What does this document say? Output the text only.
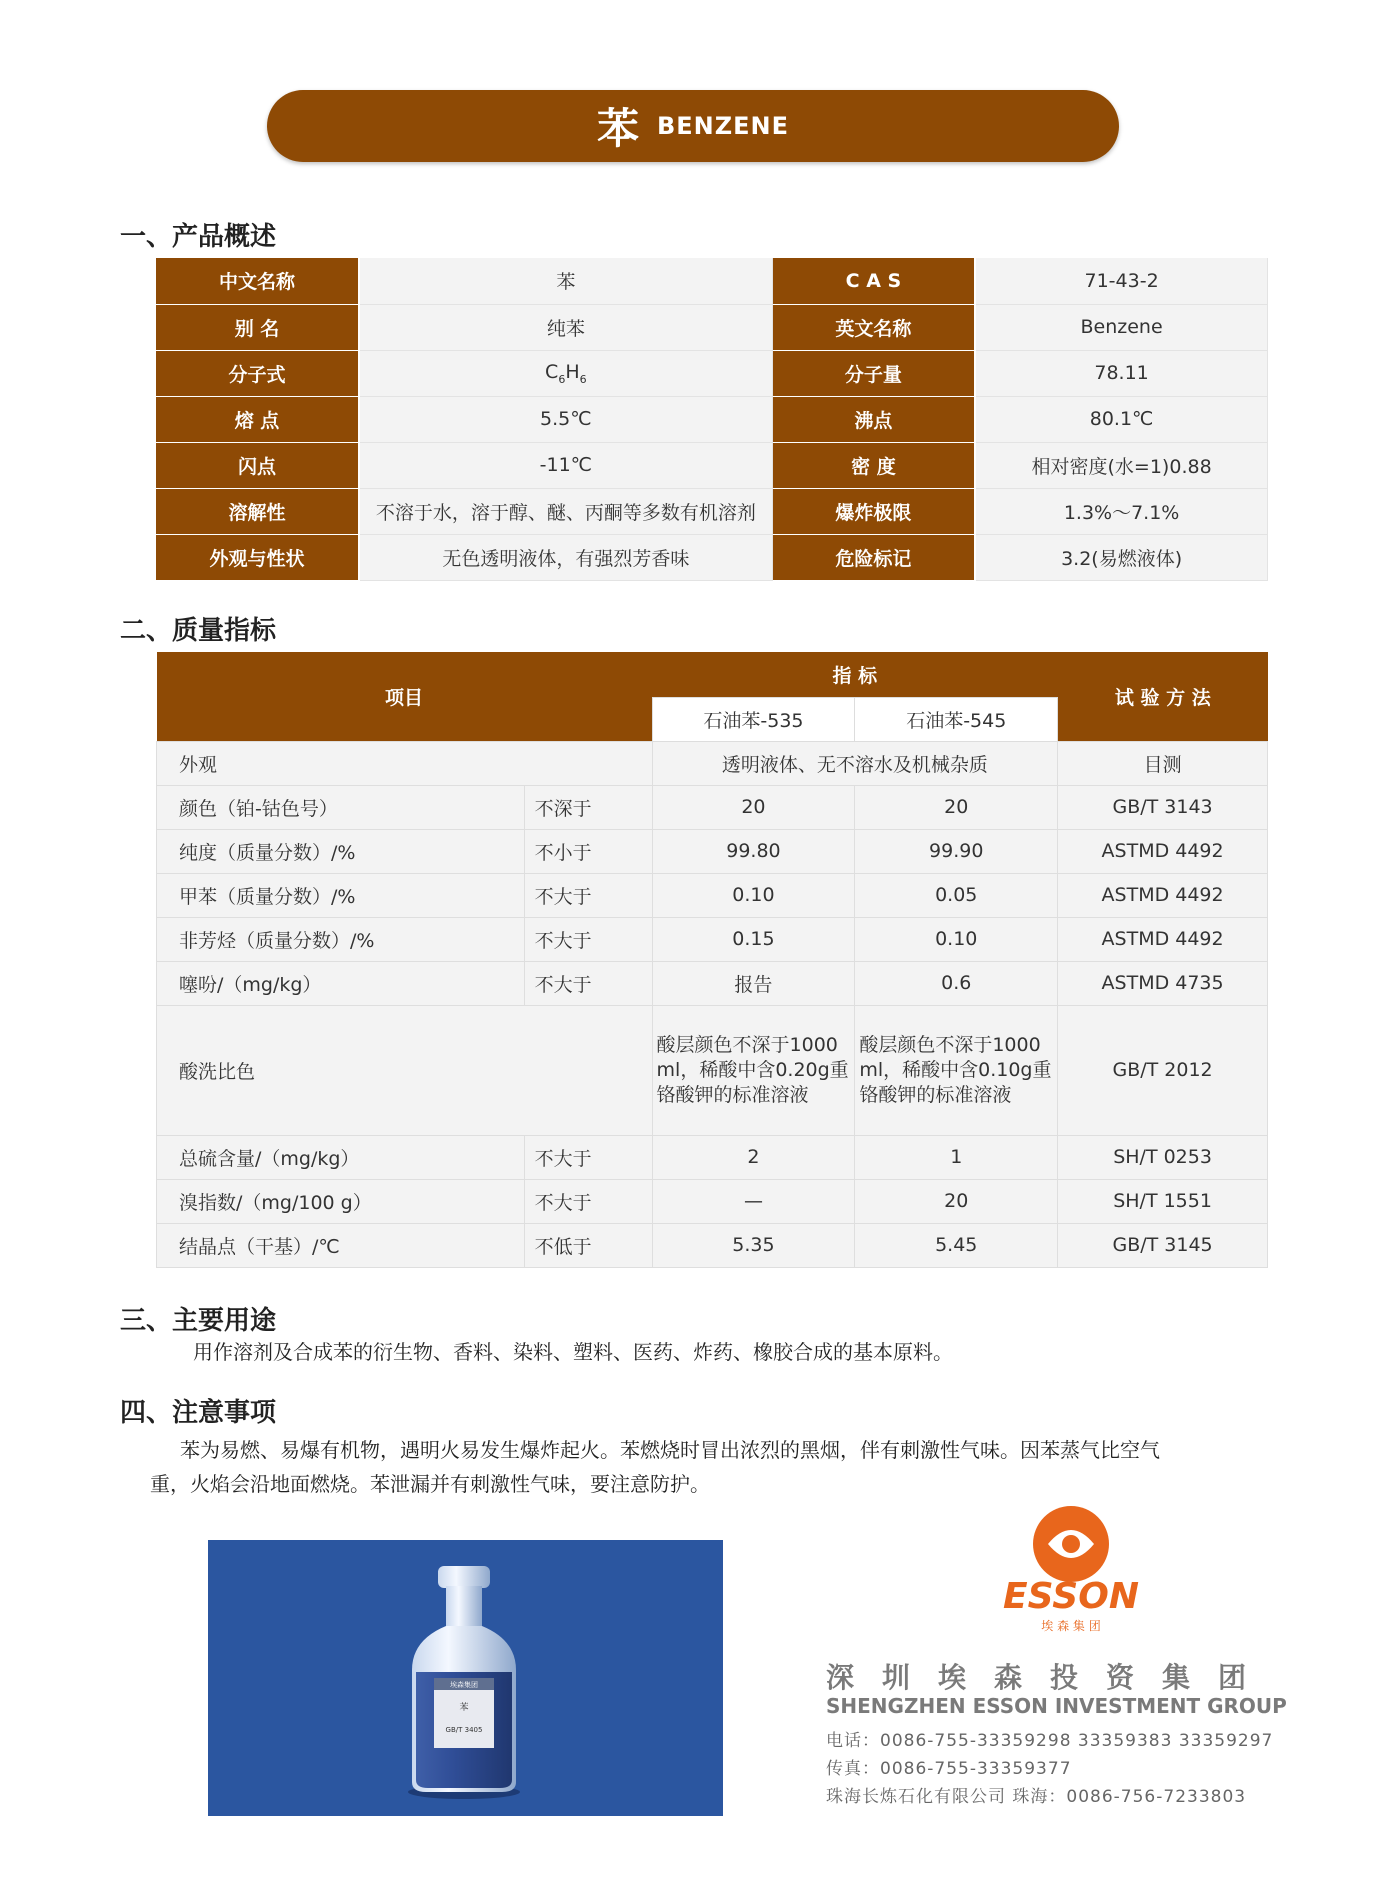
苯 BENZENE
一、产品概述
中文名称	苯	C A S	71-43-2
别 名	纯苯	英文名称	Benzene
分子式	$C_6H_6$	分子量	78.11
熔 点	5.5℃	沸点	80.1℃
闪点	-11℃	密 度	相对密度(水=1)0.88
溶解性	不溶于水，溶于醇、醚、丙酮等多数有机溶剂	爆炸极限	1.3%～7.1%
外观与性状	无色透明液体，有强烈芳香味	危险标记	3.2(易燃液体)
二、质量指标
项目		指 标		试 验 方 法
		石油苯-535	石油苯-545	
外观		透明液体、无不溶水及机械杂质		目测
颜色（铂-钴色号）	不深于	20	20	GB/T 3143
纯度（质量分数）/%	不小于	99.80	99.90	ASTMD 4492
甲苯（质量分数）/%	不大于	0.10	0.05	ASTMD 4492
非芳烃（质量分数）/%	不大于	0.15	0.10	ASTMD 4492
噻吩/（mg/kg）	不大于	报告	0.6	ASTMD 4735
酸洗比色		酸层颜色不深于1000 ml，稀酸中含0.20g重铬酸钾的标准溶液	酸层颜色不深于1000 ml，稀酸中含0.10g重铬酸钾的标准溶液	GB/T 2012
总硫含量/（mg/kg）	不大于	2	1	SH/T 0253
溴指数/（mg/100 g）	不大于	—	20	SH/T 1551
结晶点（干基）/℃	不低于	5.35	5.45	GB/T 3145
三、主要用途
用作溶剂及合成苯的衍生物、香料、染料、塑料、医药、炸药、橡胶合成的基本原料。
四、注意事项
苯为易燃、易爆有机物，遇明火易发生爆炸起火。苯燃烧时冒出浓烈的黑烟，伴有刺激性气味。因苯蒸气比空气
重，火焰会沿地面燃烧。苯泄漏并有刺激性气味，要注意防护。
埃森集团
苯
GB/T 3405
ESSON
埃 森 集 团
深圳埃森投资集团
SHENGZHEN ESSON INVESTMENT GROUP
电话：0086-755-33359298 33359383 33359297
传真：0086-755-33359377
珠海长炼石化有限公司 珠海：0086-756-7233803
